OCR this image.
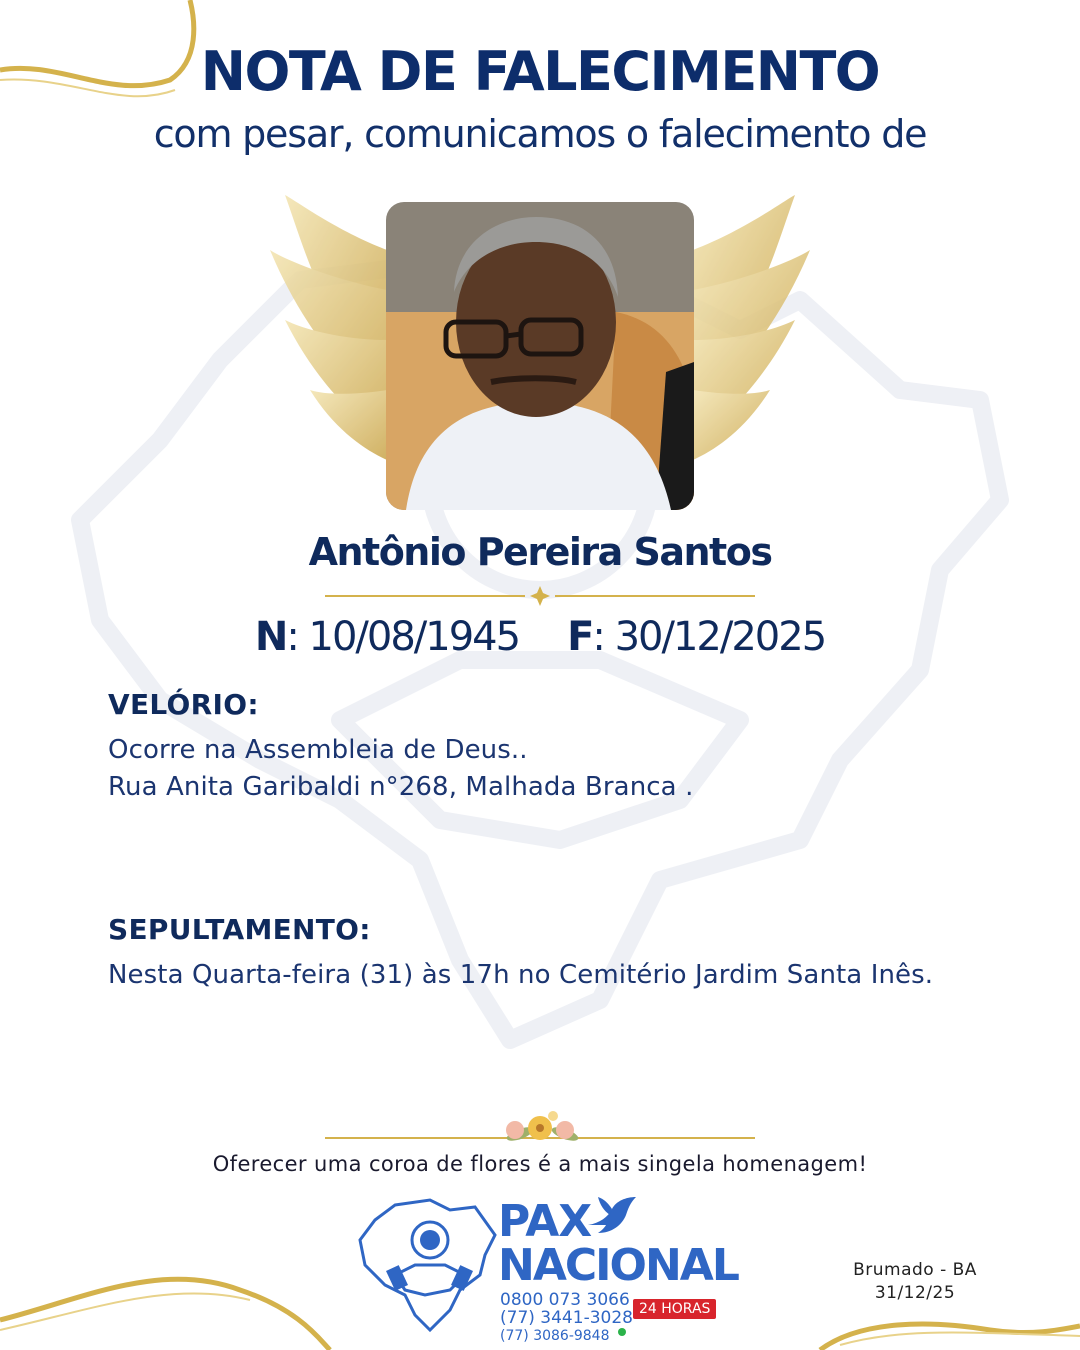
NOTA DE FALECIMENTO
com pesar, comunicamos o falecimento de
Antônio Pereira Santos
N: 10/08/1945 F: 30/12/2025
VELÓRIO:
Ocorre na Assembleia de Deus..
Rua Anita Garibaldi n°268, Malhada Branca .
SEPULTAMENTO:
Nesta Quarta-feira (31) às 17h no Cemitério Jardim Santa Inês.
Oferecer uma coroa de flores é a mais singela homenagem!
PAX
NACIONAL
0800 073 3066
(77) 3441-3028
(77) 3086-9848
24 HORAS
Brumado - BA
31/12/25
